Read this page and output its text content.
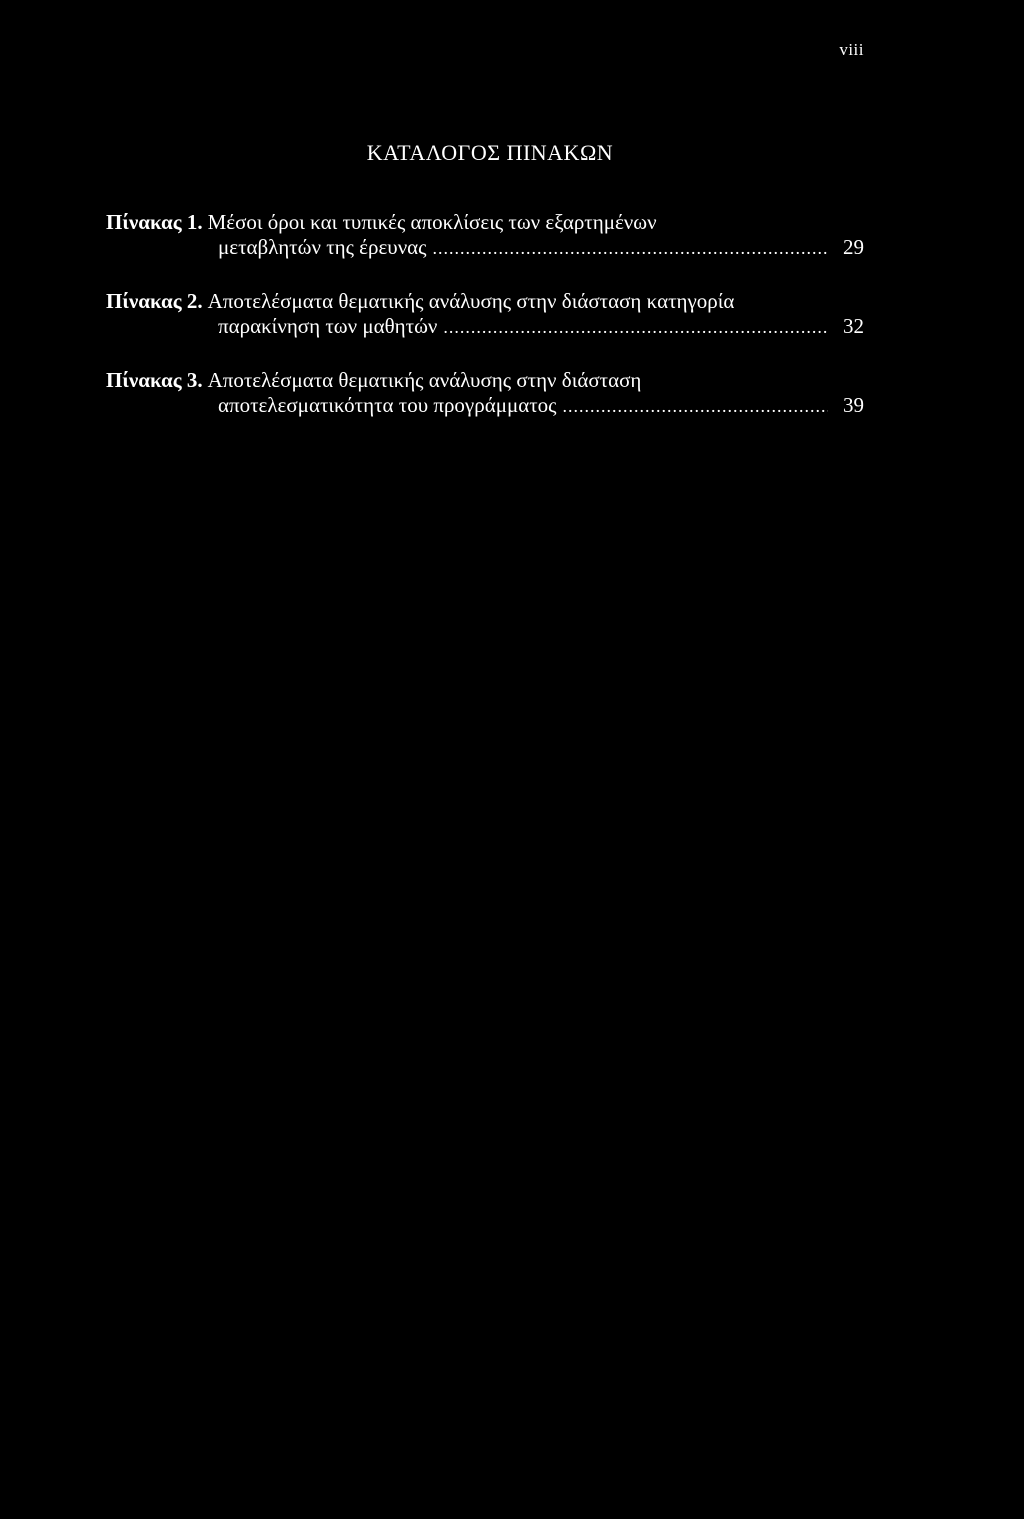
viii
ΚΑΤΑΛΟΓΟΣ ΠΙΝΑΚΩΝ
Πίνακας 1. Μέσοι όροι και τυπικές αποκλίσεις των εξαρτημένων
μεταβλητών της έρευνας .....	29
Πίνακας 2. Αποτελέσματα θεματικής ανάλυσης στην διάσταση κατηγορία
παρακίνηση των μαθητών .....	32
Πίνακας 3. Αποτελέσματα θεματικής ανάλυσης στην διάσταση
αποτελεσματικότητα του προγράμματος .....	39
